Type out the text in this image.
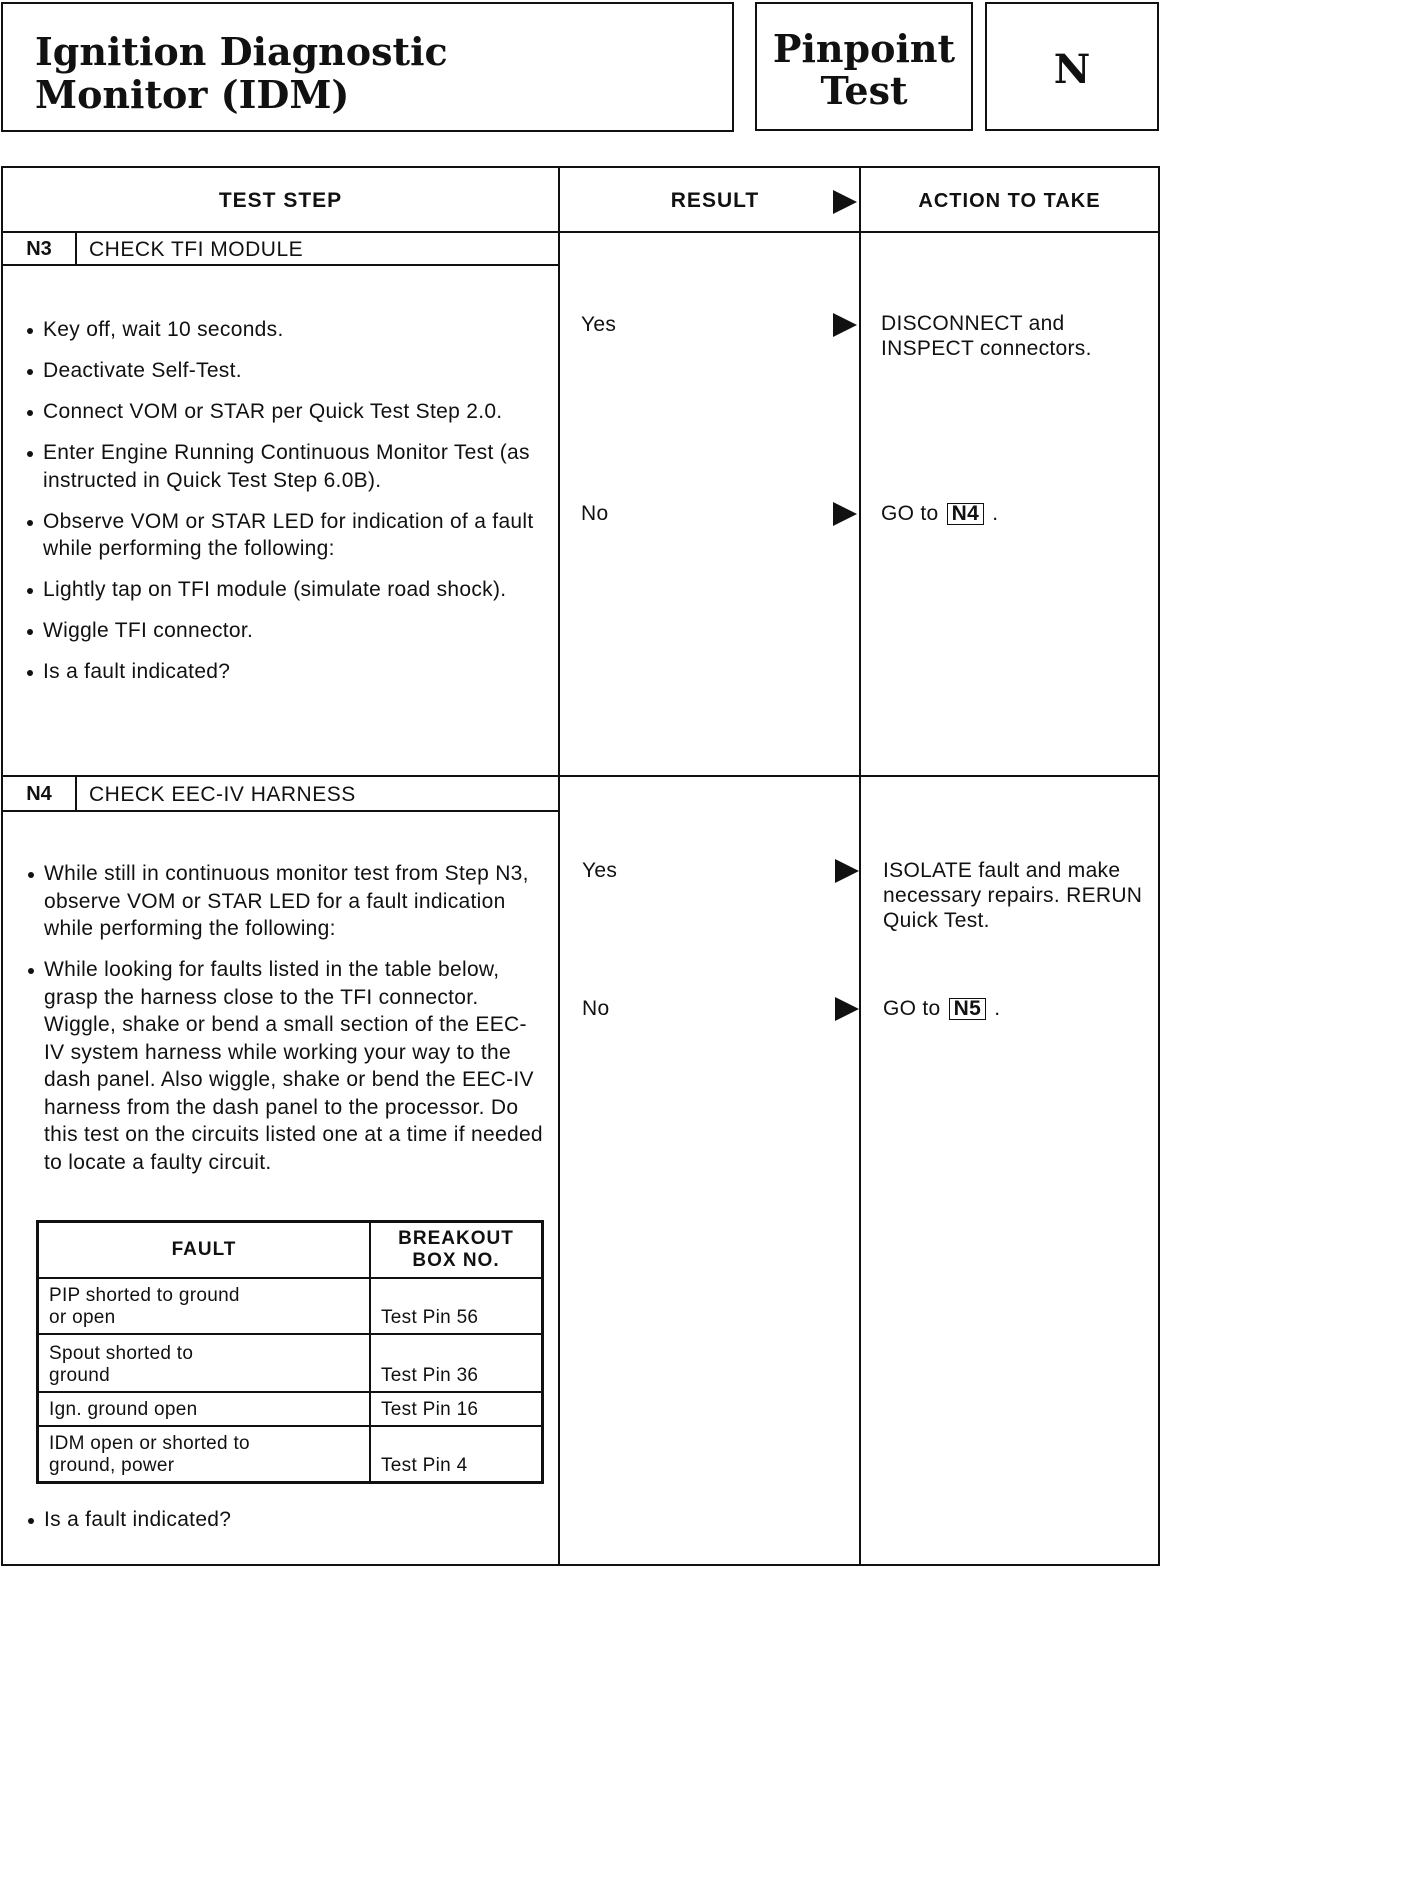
Ignition Diagnostic
Monitor (IDM)
Pinpoint
Test	N
TEST STEP	RESULT	ACTION TO TAKE
N3	CHECK TFI MODULE
Key off, wait 10 seconds.
Deactivate Self-Test.
Connect VOM or STAR per Quick Test Step 2.0.
Enter Engine Running Continuous Monitor Test (as instructed in Quick Test Step 6.0B).
Observe VOM or STAR LED for indication of a fault while performing the following:
Lightly tap on TFI module (simulate road shock).
Wiggle TFI connector.
Is a fault indicated?
Yes	DISCONNECT and INSPECT connectors.
No	GO to N4 .
N4	CHECK EEC-IV HARNESS
While still in continuous monitor test from Step N3, observe VOM or STAR LED for a fault indication while performing the following:
While looking for faults listed in the table below, grasp the harness close to the TFI connector. Wiggle, shake or bend a small section of the EEC-IV system harness while working your way to the dash panel. Also wiggle, shake or bend the EEC-IV harness from the dash panel to the processor. Do this test on the circuits listed one at a time if needed to locate a faulty circuit.
FAULT	BREAKOUT
BOX NO.

PIP shorted to ground
or open	Test Pin 56

Spout shorted to
ground	Test Pin 36

Ign. ground open	Test Pin 16

IDM open or shorted to
ground, power	Test Pin 4
Is a fault indicated?
Yes	ISOLATE fault and make necessary repairs. RERUN Quick Test.
No	GO to N5 .
